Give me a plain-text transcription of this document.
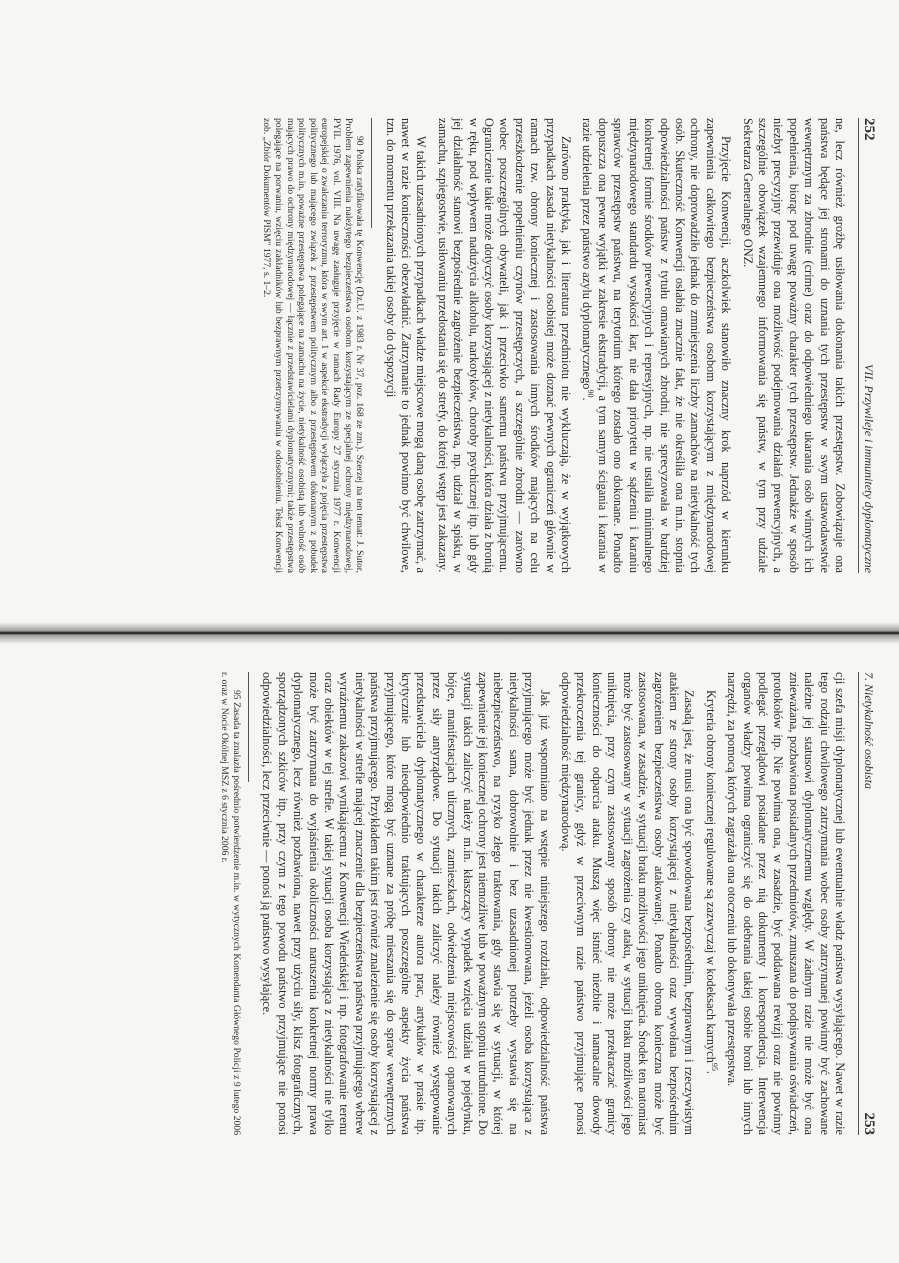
252
VII. Przywileje i immunitety dyplomatyczne

ne, lecz również groźbę usiłowania dokonania takich przestępstw. Zobowiązuje ona państwa będące jej stronami do uznania tych przestępstw w swym ustawodawstwie wewnętrznym za zbrodnie (crime) oraz do odpowiedniego ukarania osób winnych ich popełnienia, biorąc pod uwagę poważny charakter tych przestępstw. Jednakże w sposób niezbyt precyzyjny przewiduje ona możliwość podejmowania działań prewencyjnych, a szczególnie obowiązek wzajemnego informowania się państw, w tym przy udziale Sekretarza Generalnego ONZ.

Przyjęcie Konwencji, aczkolwiek stanowiło znaczny krok naprzód w kierunku zapewnienia całkowitego bezpieczeństwa osobom korzystającym z międzynarodowej ochrony, nie doprowadziło jednak do zmniejszenia liczby zamachów na nietykalność tych osób. Skuteczność Konwencji osłabia znacznie fakt, że nie określiła ona m.in. stopnia odpowiedzialności państw z tytułu omawianych zbrodni, nie sprecyzowała w bardziej konkretnej formie środków prewencyjnych i represyjnych, np. nie ustaliła minimalnego międzynarodowego standardu wysokości kar, nie dała priorytetu w sądzeniu i karaniu sprawców przestępstw państwu, na terytorium którego zostało ono dokonane. Ponadto dopuszcza ona pewne wyjątki w zakresie ekstradycji, a tym samym ścigania i karania w razie udzielenia przez państwo azylu dyplomatycznego$^{90}$.

Zarówno praktyka, jak i literatura przedmiotu nie wykluczają, że w wyjątkowych przypadkach zasada nietykalności osobistej może doznać pewnych ograniczeń głównie w ramach tzw. obrony koniecznej i zastosowania innych środków mających na celu przeszkodzenie popełnieniu czynów przestępczych, a szczególnie zbrodni — zarówno wobec poszczególnych obywateli, jak i przeciwko samemu państwu przyjmującemu. Ograniczenie takie może dotyczyć osoby korzystającej z nietykalności, która działa z bronią w ręku, pod wpływem nadużycia alkoholu, narkotyków, choroby psychicznej itp. lub gdy jej działalność stanowi bezpośrednie zagrożenie bezpieczeństwa, np. udział w spisku, w zamachu, szpiegostwie, usiłowaniu przedostania się do strefy, do której wstęp jest zakazany.

W takich uzasadnionych przypadkach władze miejscowe mogą daną osobę zatrzymać, a nawet w razie konieczności obezwładnić. Zatrzymanie to jednak powinno być chwilowe, tzn. do momentu przekazania takiej osoby do dyspozycji

90 Polska ratyfikowała tę Konwencję (Dz.U. z 1983 r. Nr 37, poz. 168 ze zm.). Szerzej na ten temat: J. Sutor, Problem zapewnienia należytego bezpieczeństwa osobom korzystającym ze specjalnej ochrony międzynarodowej, PYIL 1976, vol. VIII. Na uwagę zasługuje przyjęcie w ramach Rady Europy 27 stycznia 1977 r. Konwencji europejskiej o zwalczaniu terroryzmu, która w swym art. 1 w aspekcie ekstradycji wyłączyła z pojęcia przestępstwa politycznego lub mającego związek z przestępstwem politycznym albo z przestępstwem dokonanym z pobudek politycznych m.in. poważne przestępstwa polegające na zamachu na życie, nietykalność osobistą lub wolność osób mających prawo do ochrony międzynarodowej — łącznie z przedstawicielami dyplomatycznymi; także przestępstwa polegające na porwaniu, wzięciu zakładników lub bezprawnym przetrzymywaniu w odosobnieniu. Tekst Konwencji zob. „Zbiór Dokumentów PISM" 1977, s. 1–2.

7. Nietykalność osobista
253

cji szefa misji dyplomatycznej lub ewentualnie władz państwa wysyłającego. Nawet w razie tego rodzaju chwilowego zatrzymania wobec osoby zatrzymanej powinny być zachowane należne jej statusowi dyplomatycznemu względy. W żadnym razie nie może być ona znieważana, pozbawiona posiadanych przedmiotów, zmuszana do podpisywania oświadczeń, protokołów itp. Nie powinna ona, w zasadzie, być poddawana rewizji oraz nie powinny podlegać przeglądowi posiadane przez nią dokumenty i korespondencja. Interwencja organów władzy powinna ograniczyć się do odebrania takiej osobie broni lub innych narzędzi, za pomocą których zagrażała ona otoczeniu lub dokonywała przestępstwa.

Kryteria obrony koniecznej regulowane są zazwyczaj w kodeksach karnych$^{95}$.

Zasadą jest, że musi ona być spowodowana bezpośrednim, bezprawnym i rzeczywistym atakiem ze strony osoby korzystającej z nietykalności oraz wywołana bezpośrednim zagrożeniem bezpieczeństwa osoby atakowanej. Ponadto obrona konieczna może być zastosowana, w zasadzie, w sytuacji braku możliwości jego uniknięcia. Środek ten natomiast może być zastosowany w sytuacji zagrożenia czy ataku, w sytuacji braku możliwości jego uniknięcia, przy czym zastosowany sposób obrony nie może przekraczać granicy konieczności do odparcia ataku. Muszą więc istnieć niezbite i namacalne dowody przekroczenia tej granicy, gdyż w przeciwnym razie państwo przyjmujące ponosi odpowiedzialność międzynarodową.

Jak już wspomniano na wstępie niniejszego rozdziału, odpowiedzialność państwa przyjmującego może być jednak przez nie kwestionowana, jeżeli osoba korzystająca z nietykalności sama, dobrowolnie i bez uzasadnionej potrzeby wystawia się na niebezpieczeństwo, na ryzyko złego traktowania, gdy stawia się w sytuacji, w której zapewnienie jej koniecznej ochrony jest niemożliwe lub w poważnym stopniu utrudnione. Do sytuacji takich zaliczyć należy m.in. kłaszczący wypadek wzięcia udziału w pojedynku, bójce, manifestacjach ulicznych, zamieszkach, odwiedzenia miejscowości opanowanych przez siły antyrządowe. Do sytuacji takich zaliczyć należy również występowanie przedstawiciela dyplomatycznego w charakterze autora prac, artykułów w prasie itp. krytycznie lub nieodpowiednio traktujących poszczególne aspekty życia państwa przyjmującego, które mogą być uznane za próbę mieszania się do spraw wewnętrznych państwa przyjmującego. Przykładem takim jest również znalezienie się osoby korzystającej z nietykalności w strefie mającej znaczenie dla bezpieczeństwa państwa przyjmującego wbrew wyraźnemu zakazowi wynikającemu z Konwencji Wiedeńskiej i np. fotografowanie terenu oraz obiektów w tej strefie. W takiej sytuacji osoba korzystająca z nietykalności nie tylko może być zatrzymana do wyjaśnienia okoliczności naruszenia konkretnej normy prawa dyplomatycznego, lecz również pozbawiona, nawet przy użyciu siły, klisz fotograficznych, sporządzonych szkiców itp., przy czym z tego powodu państwo przyjmujące nie ponosi odpowiedzialności, lecz przeciwnie — ponosi ją państwo wysyłające.

95 Zasada ta znalazła pośrednio potwierdzenie m.in. w wytycznych Komendanta Głównego Policji z 9 lutego 2006 r. oraz w Nocie Okólnej MSZ z 6 stycznia 2006 r.
